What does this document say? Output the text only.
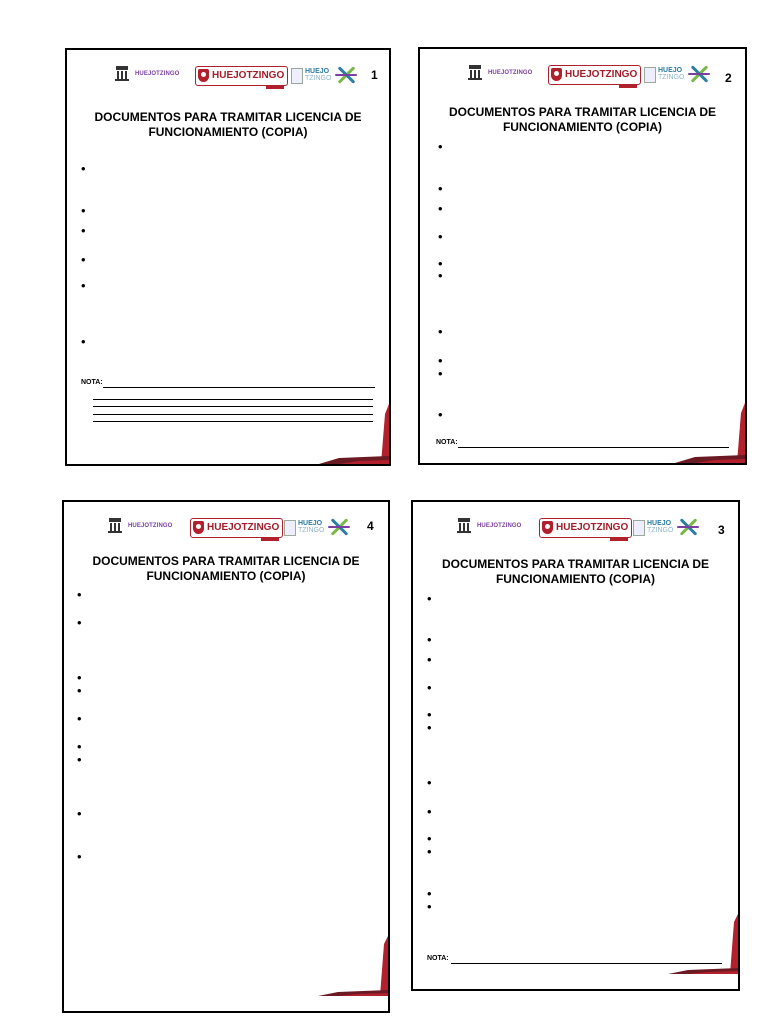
HUEJOTZINGO	HUEJOTZINGO	HUEJO
TZINGO	1
DOCUMENTOS PARA TRAMITAR LICENCIA DE
FUNCIONAMIENTO (COPIA)
•
•
•
•
•
•
NOTA:
HUEJOTZINGO	HUEJOTZINGO	HUEJO
TZINGO	2
DOCUMENTOS PARA TRAMITAR LICENCIA DE
FUNCIONAMIENTO (COPIA)
•
•
•
•
•
•
•
•
•
•
NOTA:
HUEJOTZINGO	HUEJOTZINGO	HUEJO
TZINGO	4
DOCUMENTOS PARA TRAMITAR LICENCIA DE
FUNCIONAMIENTO (COPIA)
•
•
•
•
•
•
•
•
•
HUEJOTZINGO	HUEJOTZINGO	HUEJO
TZINGO	3
DOCUMENTOS PARA TRAMITAR LICENCIA DE
FUNCIONAMIENTO (COPIA)
•
•
•
•
•
•
•
•
•
•
•
•
NOTA:
